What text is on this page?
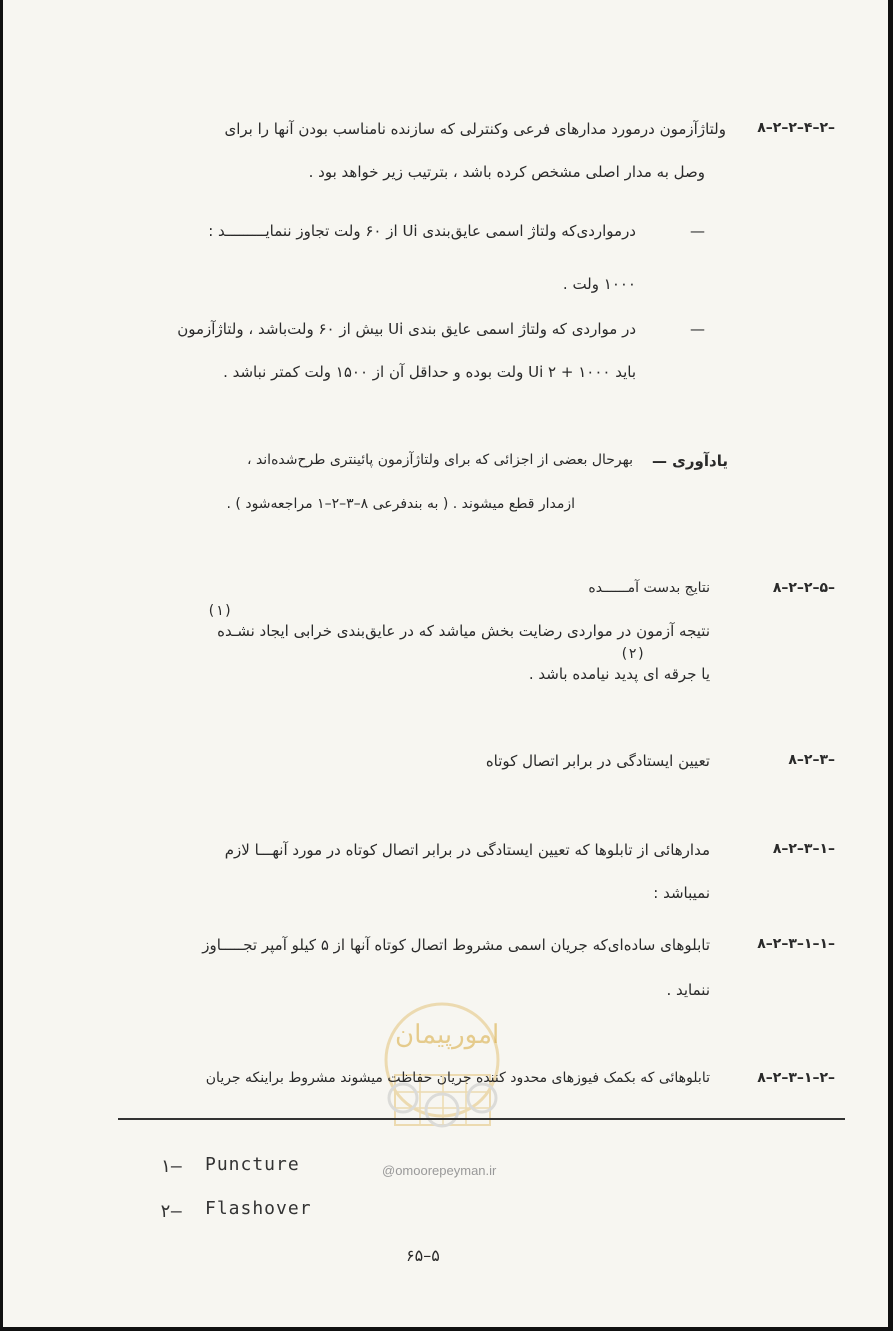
۸–۲–۲–۴–۲–
ولتاژآزمون درمورد مدارهای فرعی وکنترلی که سازنده نامناسب بودن آنها را برای
وصل به مدار اصلی مشخص کرده باشد ، بترتیب زیر خواهد بود .
—
درمواردی‌که ولتاژ اسمی عایق‌بندی Ui از ۶۰ ولت تجاوز ننمایـــــــــد :
۱۰۰۰ ولت .
—
در مواردی که ولتاژ اسمی عایق بندی Ui بیش از ۶۰ ولت‌باشد ، ولتاژآزمون
باید ۱۰۰۰ + Ui ۲ ولت بوده و حداقل آن از ۱۵۰۰ ولت کمتر نباشد .
یادآوری —
بهرحال بعضی از اجزائی که برای ولتاژآزمون پائینتری طرح‌شده‌اند ،
ازمدار قطع میشوند . ( به بندفرعی ۸–۳–۲–۱ مراجعه‌شود ) .
۸–۲–۲–۵–
نتایج بدست آمــــــده
(۱)
نتیجه آزمون در مواردی رضایت بخش میاشد که در عایق‌بندی خرابی ایجاد نشـده
(۲)
یا جرقه ای پدید نیامده باشد .
۸–۲–۳–
تعیین ایستادگی در برابر اتصال کوتاه
۸–۲–۳–۱–
مدارهائی از تابلوها که تعیین ایستادگی در برابر اتصال کوتاه در مورد آنهـــا لازم
نمیباشد :
۸–۲–۳–۱–۱–
تابلوهای ساده‌ای‌که جریان اسمی مشروط اتصال کوتاه آنها از ۵ کیلو آمپر تجـــــاوز
ننماید .
امورپیمان
۸–۲–۳–۱–۲–
تابلوهائی که بکمک فیوزهای محدود کننده جریان حفاظت میشوند مشروط براینکه جریان
۱– Puncture	@omoorepeyman.ir
۲– Flashover
۶۵–۵
